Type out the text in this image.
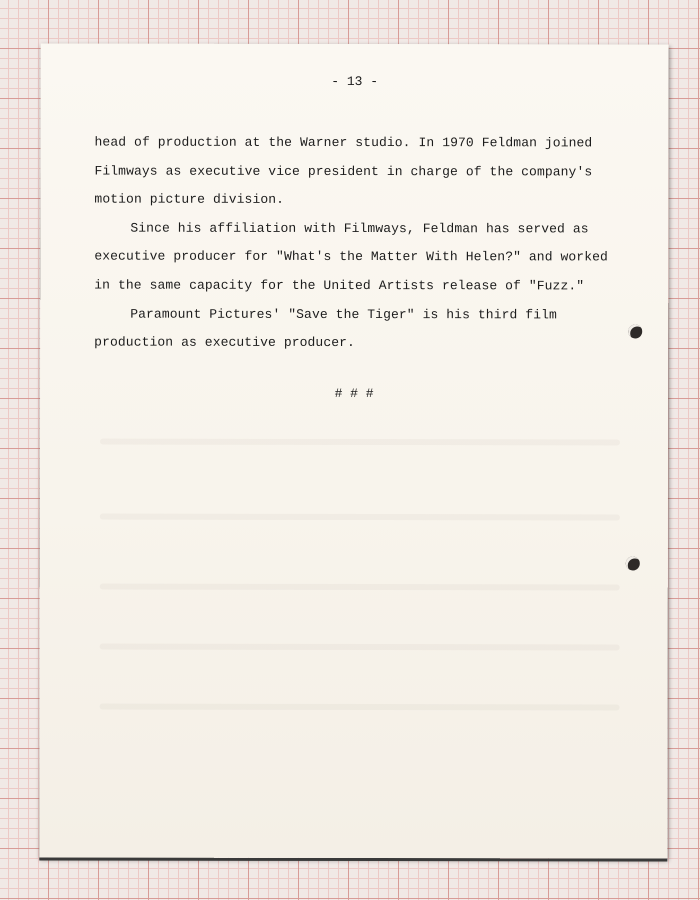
- 13 -

head of production at the Warner studio. In 1970 Feldman joined Filmways as executive vice president in charge of the company's motion picture division.

Since his affiliation with Filmways, Feldman has served as executive producer for "What's the Matter With Helen?" and worked in the same capacity for the United Artists release of "Fuzz."

Paramount Pictures' "Save the Tiger" is his third film production as executive producer.

# # #
